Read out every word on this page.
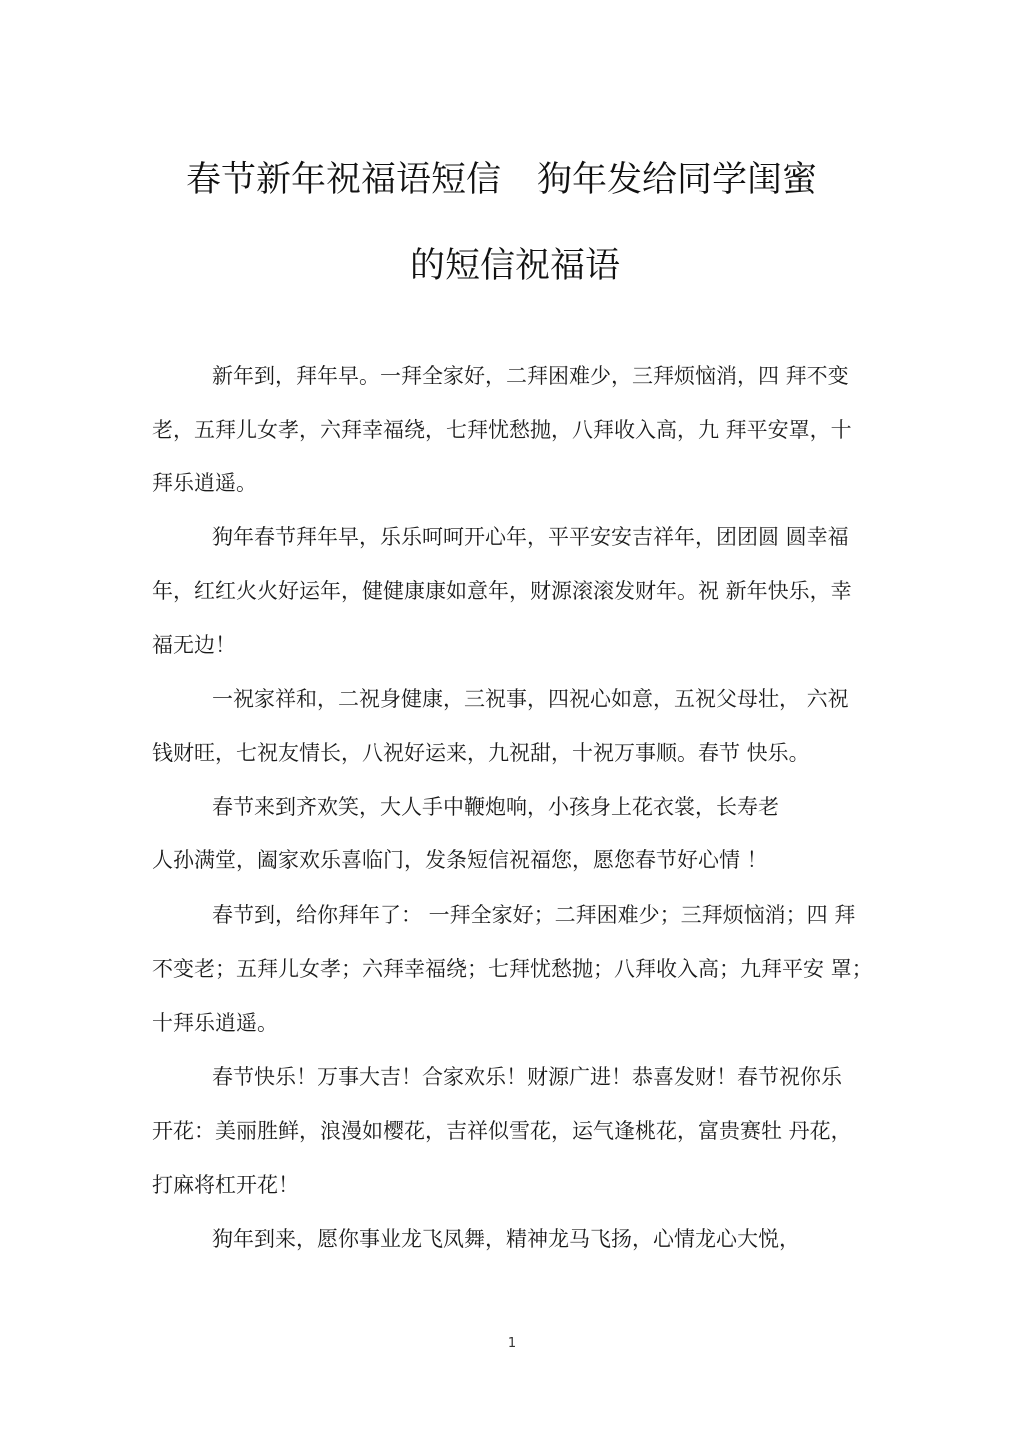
春节新年祝福语短信 狗年发给同学闺蜜
的短信祝福语
新年到，拜年早。一拜全家好，二拜困难少，三拜烦恼消，四 拜不变
老，五拜儿女孝，六拜幸福绕，七拜忧愁抛，八拜收入高，九 拜平安罩，十
拜乐逍遥。
狗年春节拜年早，乐乐呵呵开心年，平平安安吉祥年，团团圆 圆幸福
年，红红火火好运年，健健康康如意年，财源滚滚发财年。祝 新年快乐，幸
福无边！
一祝家祥和，二祝身健康，三祝事，四祝心如意，五祝父母壮， 六祝
钱财旺，七祝友情长，八祝好运来，九祝甜，十祝万事顺。春节 快乐。
春节来到齐欢笑，大人手中鞭炮响，小孩身上花衣裳，长寿老
人孙满堂，阖家欢乐喜临门，发条短信祝福您，愿您春节好心情 ！
春节到，给你拜年了： 一拜全家好；二拜困难少；三拜烦恼消；四 拜
不变老；五拜儿女孝；六拜幸福绕；七拜忧愁抛；八拜收入高；九拜平安 罩；
十拜乐逍遥。
春节快乐！万事大吉！合家欢乐！财源广进！恭喜发财！春节祝你乐
开花：美丽胜鲜，浪漫如樱花，吉祥似雪花，运气逢桃花，富贵赛牡 丹花，
打麻将杠开花！
狗年到来，愿你事业龙飞凤舞，精神龙马飞扬，心情龙心大悦，
1
